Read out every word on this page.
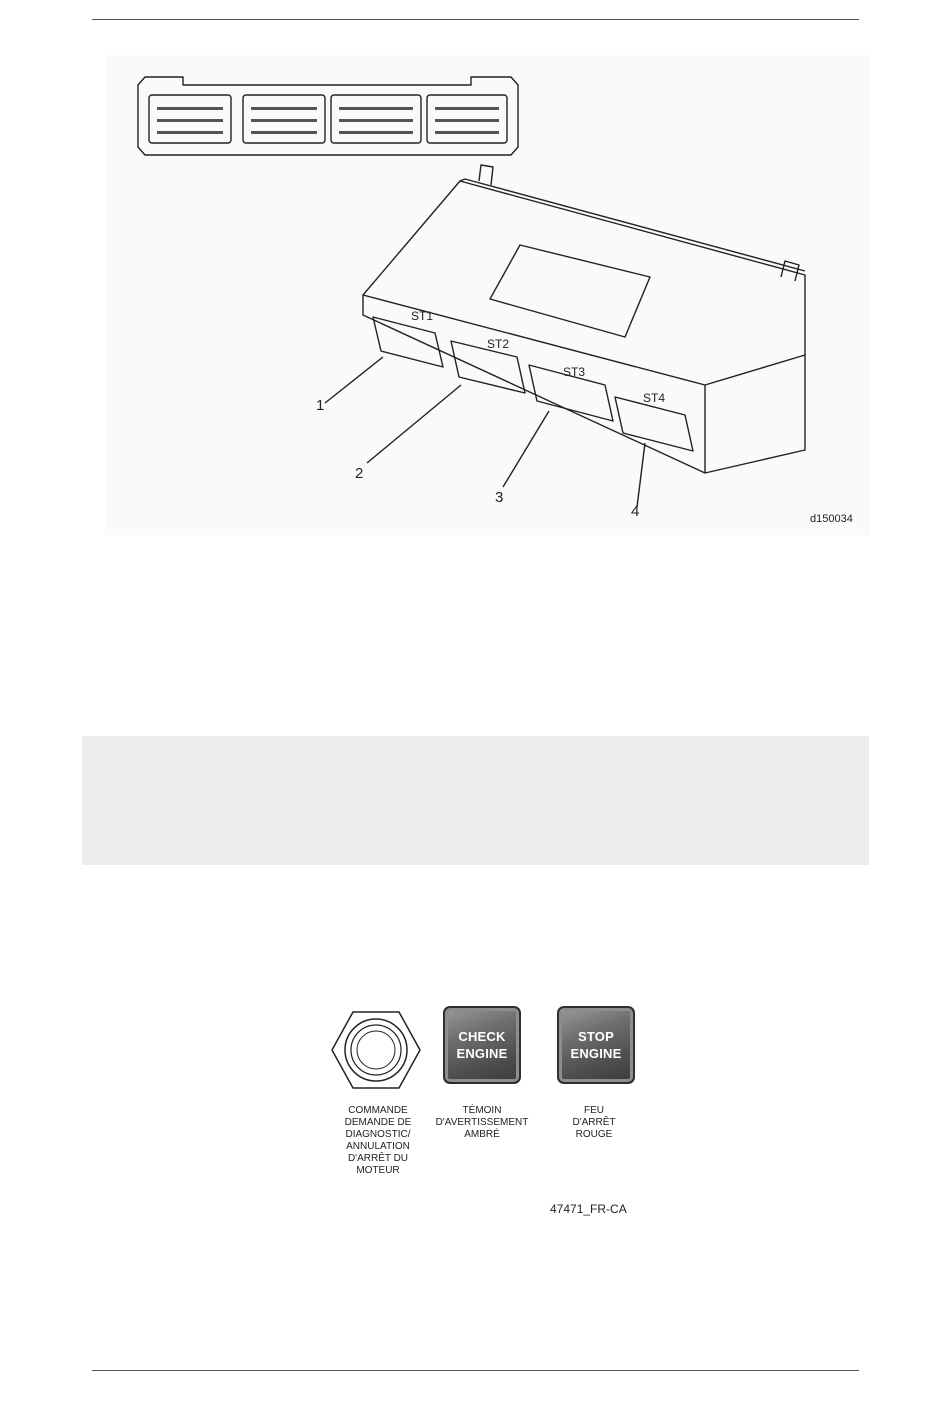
ST1
ST2
ST3
ST4
1
2
3
4	d150034
CHECK
ENGINE
STOP
ENGINE
COMMANDE
DEMANDE DE
DIAGNOSTIC/
ANNULATION
D'ARRÊT DU
MOTEUR
TÉMOIN
D'AVERTISSEMENT
AMBRÉ
FEU
D'ARRÊT
ROUGE
47471_FR-CA
